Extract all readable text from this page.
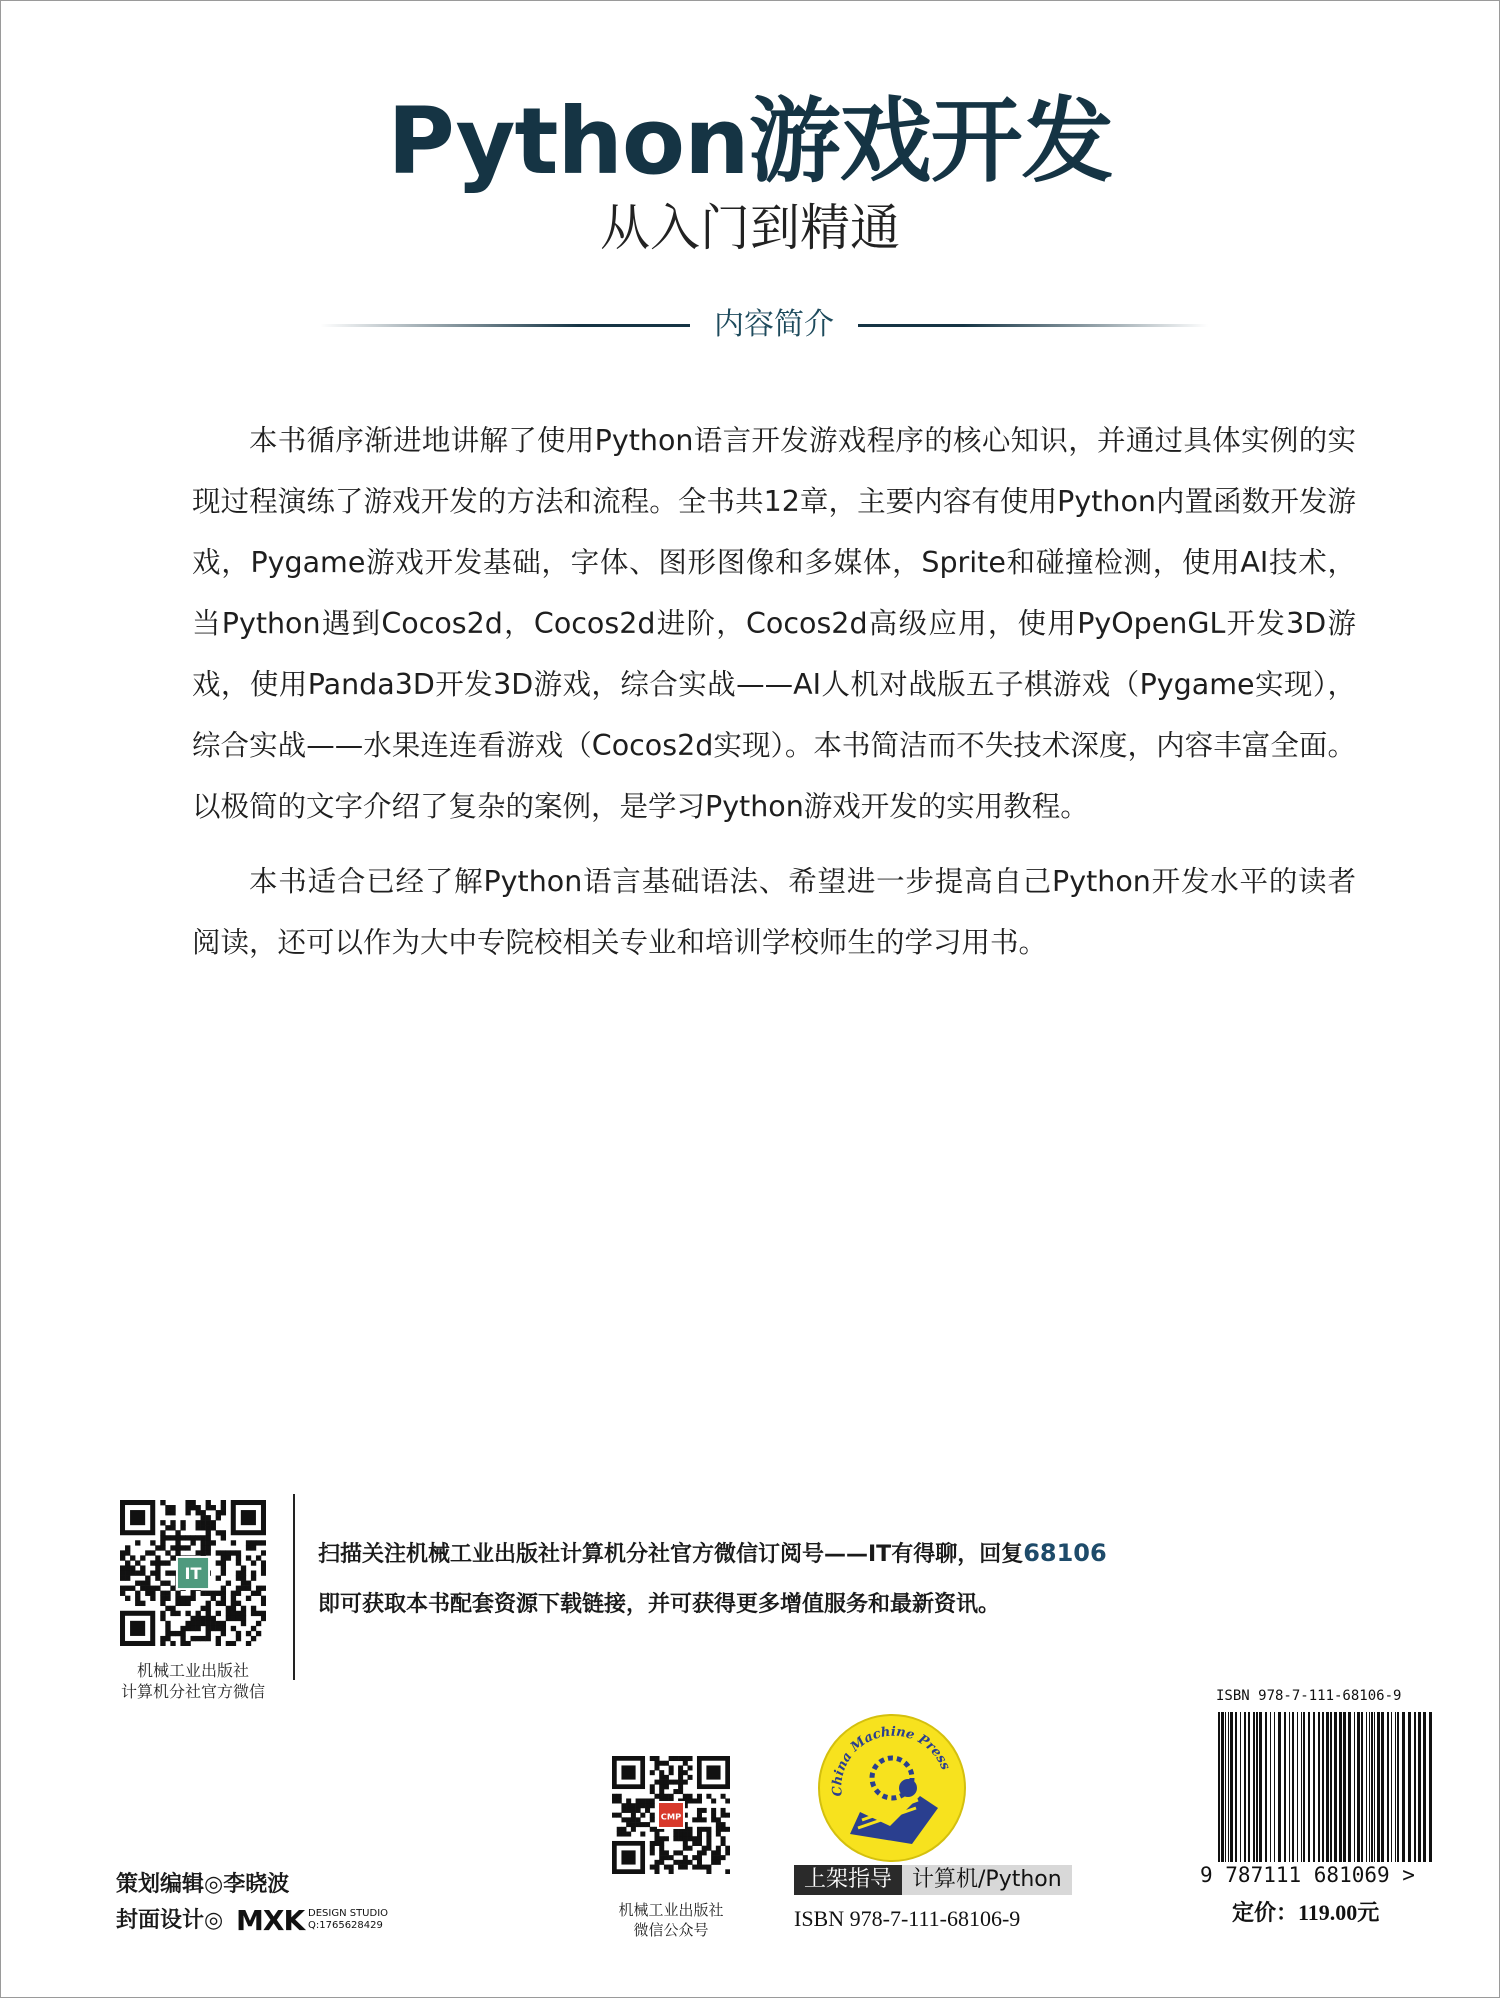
Python游戏开发
从入门到精通
内容简介

本书循序渐进地讲解了使用Python语言开发游戏程序的核心知识，并通过具体实例的实现过程演练了游戏开发的方法和流程。全书共12章，主要内容有使用Python内置函数开发游戏，Pygame游戏开发基础，字体、图形图像和多媒体，Sprite和碰撞检测，使用AI技术，当Python遇到Cocos2d，Cocos2d进阶，Cocos2d高级应用，使用PyOpenGL开发3D游戏，使用Panda3D开发3D游戏，综合实战——AI人机对战版五子棋游戏（Pygame实现），综合实战——水果连连看游戏（Cocos2d实现）。本书简洁而不失技术深度，内容丰富全面。以极简的文字介绍了复杂的案例，是学习Python游戏开发的实用教程。

本书适合已经了解Python语言基础语法、希望进一步提高自己Python开发水平的读者阅读，还可以作为大中专院校相关专业和培训学校师生的学习用书。

IT
机械工业出版社
计算机分社官方微信
扫描关注机械工业出版社计算机分社官方微信订阅号——IT有得聊，回复68106
即可获取本书配套资源下载链接，并可获得更多增值服务和最新资讯。
CMP
机械工业出版社
微信公众号
China Machine Press
上架指导 计算机/Python
ISBN 978-7-111-68106-9
策划编辑◎李晓波
封面设计◎ MXK DESIGN STUDIO
Q:1765628429
ISBN 978-7-111-68106-9
9 787111 681069 >
定价：119.00元
